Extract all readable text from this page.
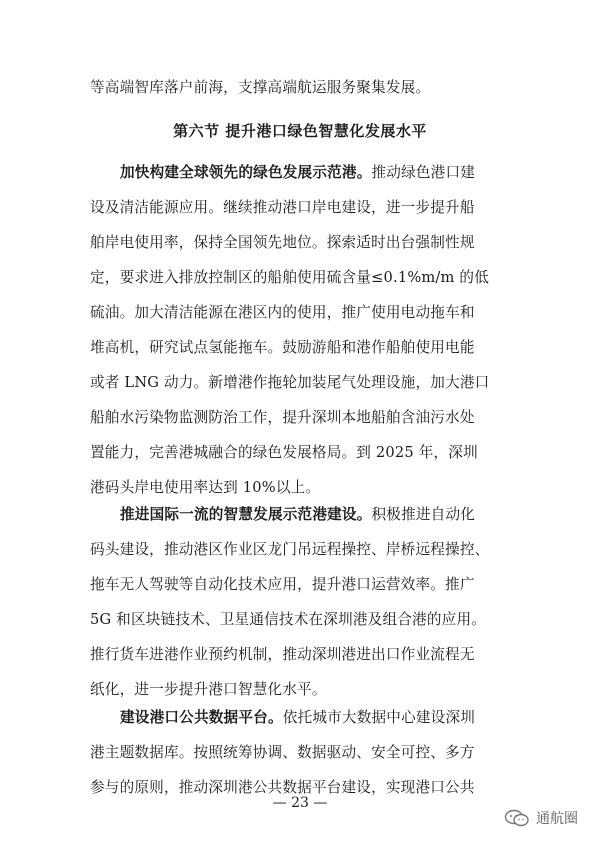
等高端智库落户前海，支撑高端航运服务聚集发展。
第六节 提升港口绿色智慧化发展水平
加快构建全球领先的绿色发展示范港。推动绿色港口建
设及清洁能源应用。继续推动港口岸电建设，进一步提升船
舶岸电使用率，保持全国领先地位。探索适时出台强制性规
定，要求进入排放控制区的船舶使用硫含量≤0.1%m/m 的低
硫油。加大清洁能源在港区内的使用，推广使用电动拖车和
堆高机，研究试点氢能拖车。鼓励游船和港作船舶使用电能
或者 LNG 动力。新增港作拖轮加装尾气处理设施，加大港口
船舶水污染物监测防治工作，提升深圳本地船舶含油污水处
置能力，完善港城融合的绿色发展格局。到 2025 年，深圳
港码头岸电使用率达到 10%以上。
推进国际一流的智慧发展示范港建设。积极推进自动化
码头建设，推动港区作业区龙门吊远程操控、岸桥远程操控、
拖车无人驾驶等自动化技术应用，提升港口运营效率。推广
5G 和区块链技术、卫星通信技术在深圳港及组合港的应用。
推行货车进港作业预约机制，推动深圳港进出口作业流程无
纸化，进一步提升港口智慧化水平。
建设港口公共数据平台。依托城市大数据中心建设深圳
港主题数据库。按照统筹协调、数据驱动、安全可控、多方
参与的原则，推动深圳港公共数据平台建设，实现港口公共
— 23 —
通航圈
